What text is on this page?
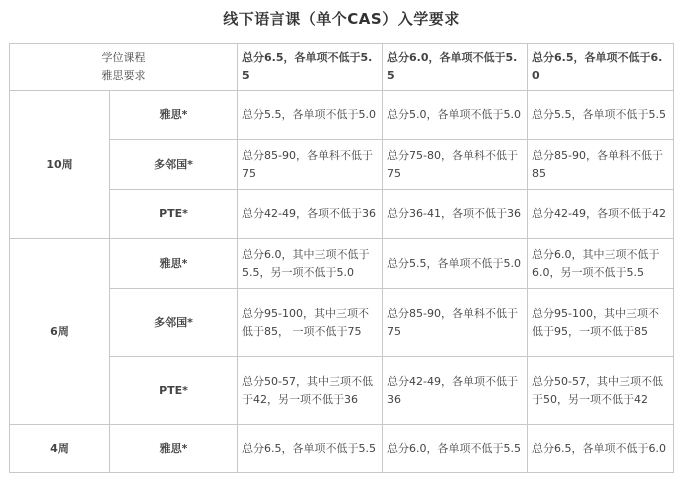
线下语言课（单个CAS）入学要求
学位课程
雅思要求		总分6.5，各单项不低于5.5	总分6.0，各单项不低于5.5	总分6.5，各单项不低于6.0
10周	雅思*	总分5.5，各单项不低于5.0	总分5.0，各单项不低于5.0	总分5.5，各单项不低于5.5
	多邻国*	总分85-90，各单科不低于75	总分75-80，各单科不低于75	总分85-90，各单科不低于85
	PTE*	总分42-49，各项不低于36	总分36-41，各项不低于36	总分42-49，各项不低于42
6周	雅思*	总分6.0，其中三项不低于5.5，另一项不低于5.0	总分5.5，各单项不低于5.0	总分6.0，其中三项不低于6.0，另一项不低于5.5
	多邻国*	总分95-100，其中三项不低于85， 一项不低于75	总分85-90，各单科不低于75	总分95-100，其中三项不低于95，一项不低于85
	PTE*	总分50-57，其中三项不低于42，另一项不低于36	总分42-49，各单项不低于36	总分50-57，其中三项不低于50，另一项不低于42
4周	雅思*	总分6.5，各单项不低于5.5	总分6.0，各单项不低于5.5	总分6.5，各单项不低于6.0
